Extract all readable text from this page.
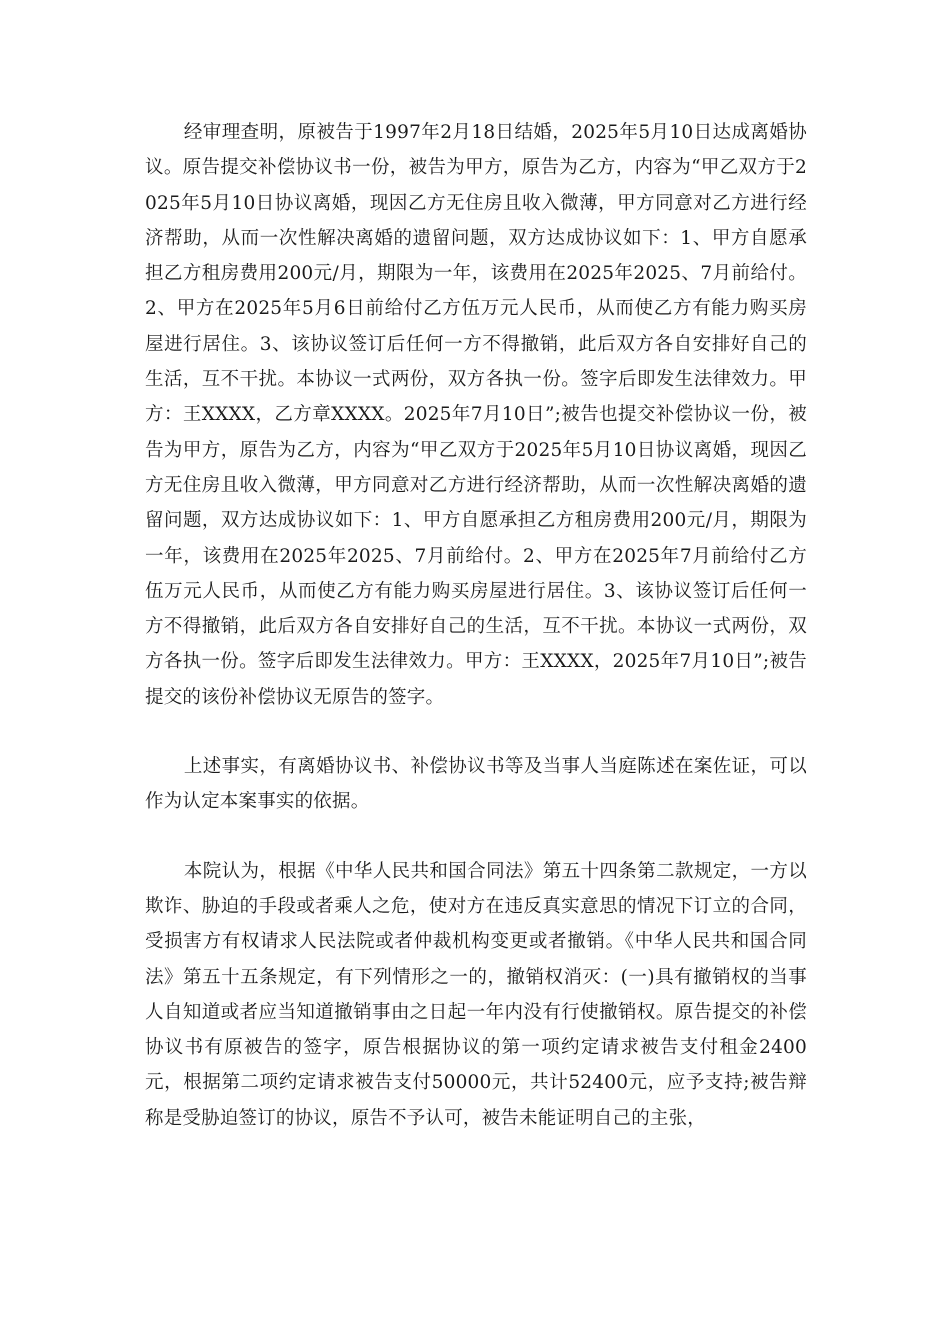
经审理查明，原被告于1997年2月18日结婚，2025年5月10日达成离婚协议。原告提交补偿协议书一份，被告为甲方，原告为乙方，内容为“甲乙双方于2025年5月10日协议离婚，现因乙方无住房且收入微薄，甲方同意对乙方进行经济帮助，从而一次性解决离婚的遗留问题，双方达成协议如下：1、甲方自愿承担乙方租房费用200元/月，期限为一年，该费用在2025年2025、7月前给付。2、甲方在2025年5月6日前给付乙方伍万元人民币，从而使乙方有能力购买房屋进行居住。3、该协议签订后任何一方不得撤销，此后双方各自安排好自己的生活，互不干扰。本协议一式两份，双方各执一份。签字后即发生法律效力。甲方：王XXXX，乙方章XXXX。2025年7月10日”;被告也提交补偿协议一份，被告为甲方，原告为乙方，内容为“甲乙双方于2025年5月10日协议离婚，现因乙方无住房且收入微薄，甲方同意对乙方进行经济帮助，从而一次性解决离婚的遗留问题，双方达成协议如下：1、甲方自愿承担乙方租房费用200元/月，期限为一年，该费用在2025年2025、7月前给付。2、甲方在2025年7月前给付乙方伍万元人民币，从而使乙方有能力购买房屋进行居住。3、该协议签订后任何一方不得撤销，此后双方各自安排好自己的生活，互不干扰。本协议一式两份，双方各执一份。签字后即发生法律效力。甲方：王XXXX，2025年7月10日”;被告提交的该份补偿协议无原告的签字。

上述事实，有离婚协议书、补偿协议书等及当事人当庭陈述在案佐证，可以作为认定本案事实的依据。

本院认为，根据《中华人民共和国合同法》第五十四条第二款规定，一方以欺诈、胁迫的手段或者乘人之危，使对方在违反真实意思的情况下订立的合同，受损害方有权请求人民法院或者仲裁机构变更或者撤销。《中华人民共和国合同法》第五十五条规定，有下列情形之一的，撤销权消灭：(一)具有撤销权的当事人自知道或者应当知道撤销事由之日起一年内没有行使撤销权。原告提交的补偿协议书有原被告的签字，原告根据协议的第一项约定请求被告支付租金2400元，根据第二项约定请求被告支付50000元，共计52400元，应予支持;被告辩称是受胁迫签订的协议，原告不予认可，被告未能证明自己的主张，
